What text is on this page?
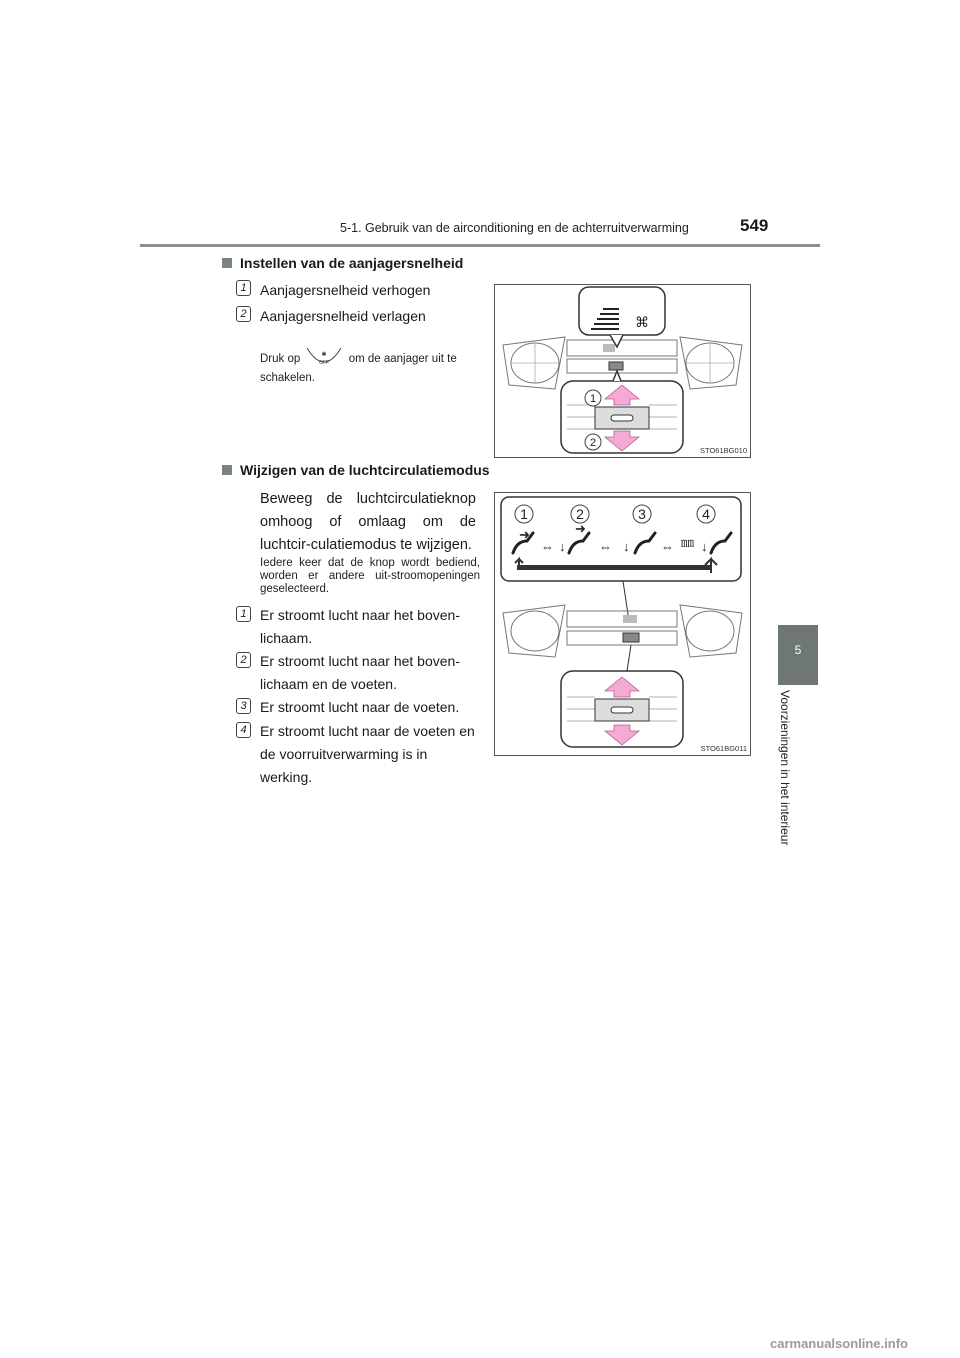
5-1. Gebruik van de airconditioning en de achterruitverwarming	549
5
Voorzieningen in het interieur
Instellen van de aanjagersnelheid
1 Aanjagersnelheid verhogen
2 Aanjagersnelheid verlagen
Druk op	✱
OFF om de aanjager uit te
schakelen.
⌘
1
2
STO61BG010
Wijzigen van de luchtcirculatiemodus
Beweeg de luchtcirculatieknop omhoog of omlaag om de luchtcir-culatiemodus te wijzigen.
Iedere keer dat de knop wordt bediend, worden er andere uit-stroomopeningen geselecteerd.
1 Er stroomt lucht naar het boven-lichaam.
2 Er stroomt lucht naar het boven-lichaam en de voeten.
3 Er stroomt lucht naar de voeten.
4 Er stroomt lucht naar de voeten en de voorruitverwarming is in werking.
1	2	3	4
➜
⇔ ↓
➜
⇔ ↓ ⇔ ㎜ ↓
STO61BG011
carmanualsonline.info
